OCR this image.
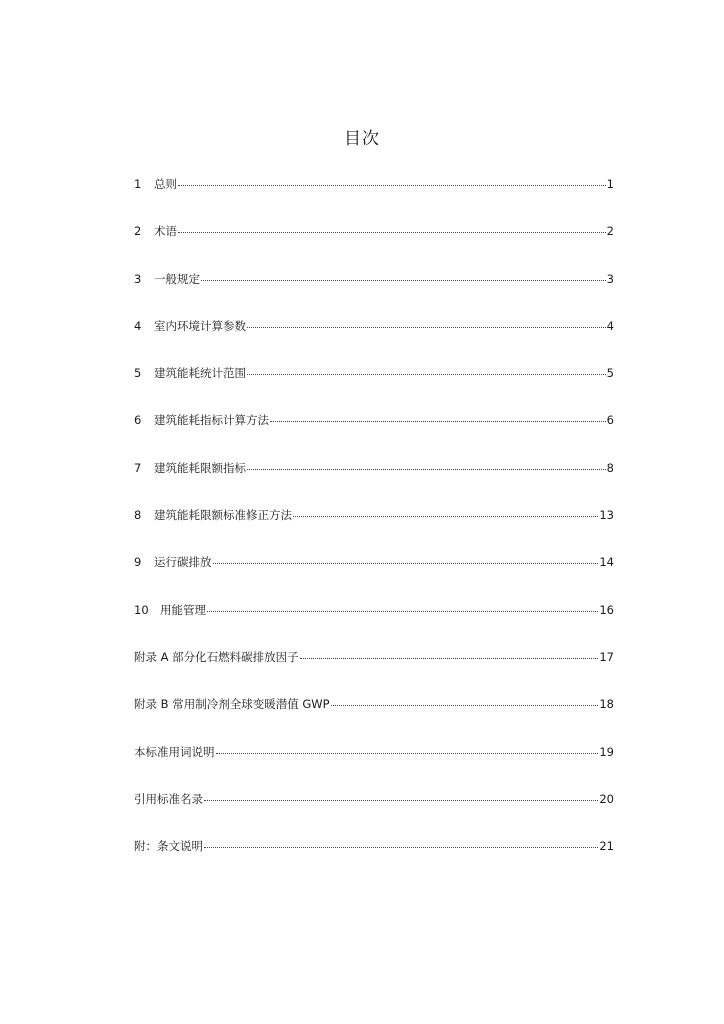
目次
1	总则	1
2	术语	2
3	一般规定	3
4	室内环境计算参数	4
5	建筑能耗统计范围	5
6	建筑能耗指标计算方法	6
7	建筑能耗限额指标	8
8	建筑能耗限额标准修正方法	13
9	运行碳排放	14
10 用能管理	16
附录 A 部分化石燃料碳排放因子	17
附录 B 常用制冷剂全球变暖潜值 GWP	18
本标准用词说明	19
引用标准名录	20
附：条文说明	21
